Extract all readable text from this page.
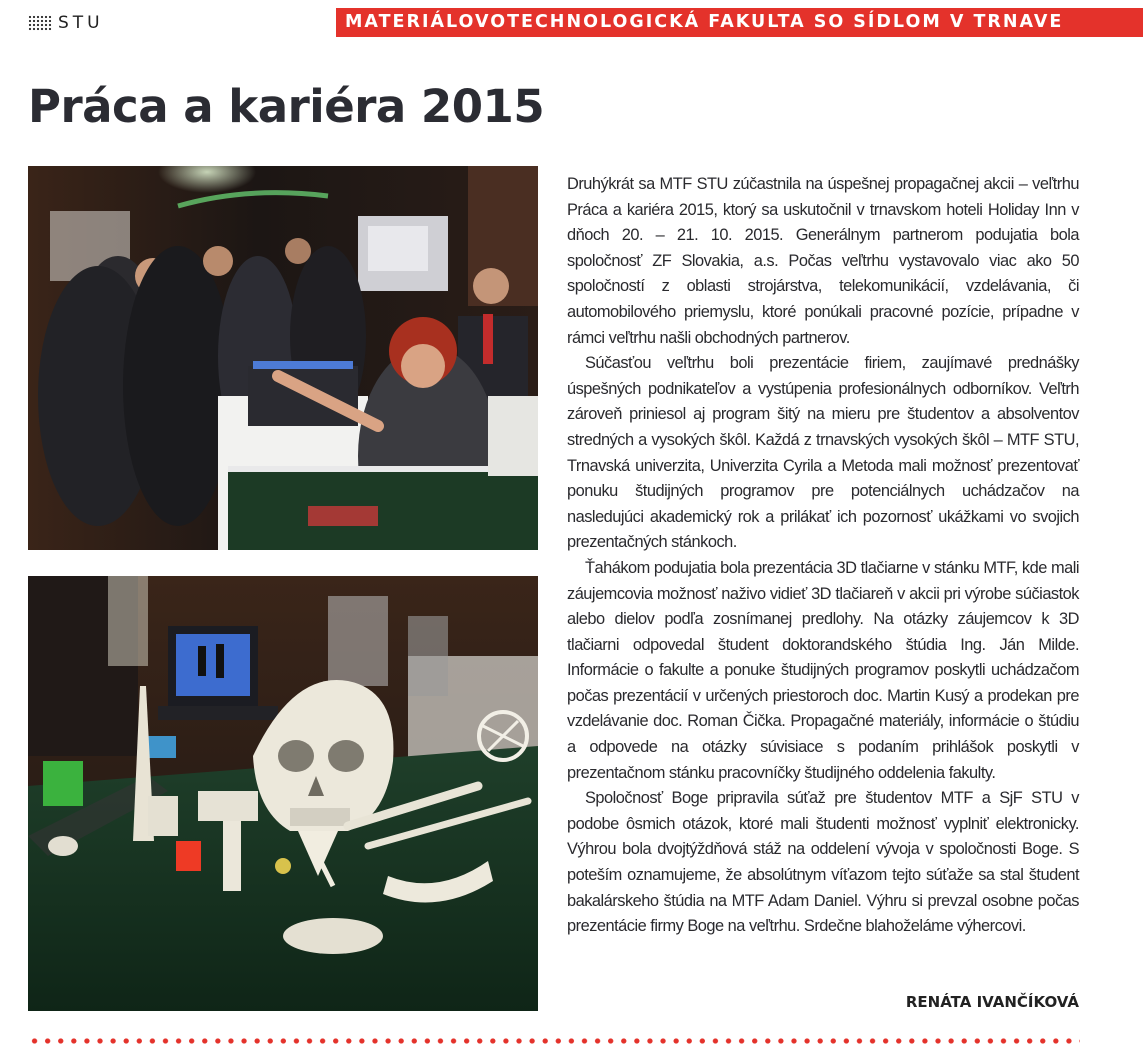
STU	MATERIÁLOVOTECHNOLOGICKÁ FAKULTA SO SÍDLOM V TRNAVE
Práca a kariéra 2015

Druhýkrát sa MTF STU zúčastnila na úspešnej propagačnej akcii – veľtrhu Práca a kariéra 2015, ktorý sa uskutočnil v trnavskom hoteli Holiday Inn v dňoch 20. – 21. 10. 2015. Generálnym partnerom podujatia bola spoločnosť ZF Slovakia, a.s. Počas veľtrhu vystavovalo viac ako 50 spoločností z oblasti strojárstva, telekomunikácií, vzdelávania, či automobilového priemyslu, ktoré ponúkali pracovné pozície, prípadne v rámci veľtrhu našli obchodných partnerov.

Súčasťou veľtrhu boli prezentácie firiem, zaujímavé prednášky úspešných podnikateľov a vystúpenia profesionálnych odborníkov. Veľtrh zároveň priniesol aj program šitý na mieru pre študentov a absolventov stredných a vysokých škôl. Každá z trnavských vysokých škôl – MTF STU, Trnavská univerzita, Univerzita Cyrila a Metoda mali možnosť prezentovať ponuku študijných programov pre potenciálnych uchádzačov na nasledujúci akademický rok a prilákať ich pozornosť ukážkami vo svojich prezentačných stánkoch.

Ťahákom podujatia bola prezentácia 3D tlačiarne v stánku MTF, kde mali záujemcovia možnosť naživo vidieť 3D tlačiareň v akcii pri výrobe súčiastok alebo dielov podľa zosnímanej predlohy. Na otázky záujemcov k 3D tlačiarni odpovedal študent doktorandského štúdia Ing. Ján Milde. Informácie o fakulte a ponuke študijných programov poskytli uchádzačom počas prezentácií v určených priestoroch doc. Martin Kusý a prodekan pre vzdelávanie doc. Roman Čička. Propagačné materiály, informácie o štúdiu a odpovede na otázky súvisiace s podaním prihlášok poskytli v prezentačnom stánku pracovníčky študijného oddelenia fakulty.

Spoločnosť Boge pripravila súťaž pre študentov MTF a SjF STU v podobe ôsmich otázok, ktoré mali študenti možnosť vyplniť elektronicky. Výhrou bola dvojtýždňová stáž na oddelení vývoja v spoločnosti Boge. S poteším oznamujeme, že absolútnym víťazom tejto súťaže sa stal študent bakalárskeho štúdia na MTF Adam Daniel. Výhru si prevzal osobne počas prezentácie firmy Boge na veľtrhu. Srdečne blahoželáme výhercovi.

RENÁTA IVANČÍKOVÁ
